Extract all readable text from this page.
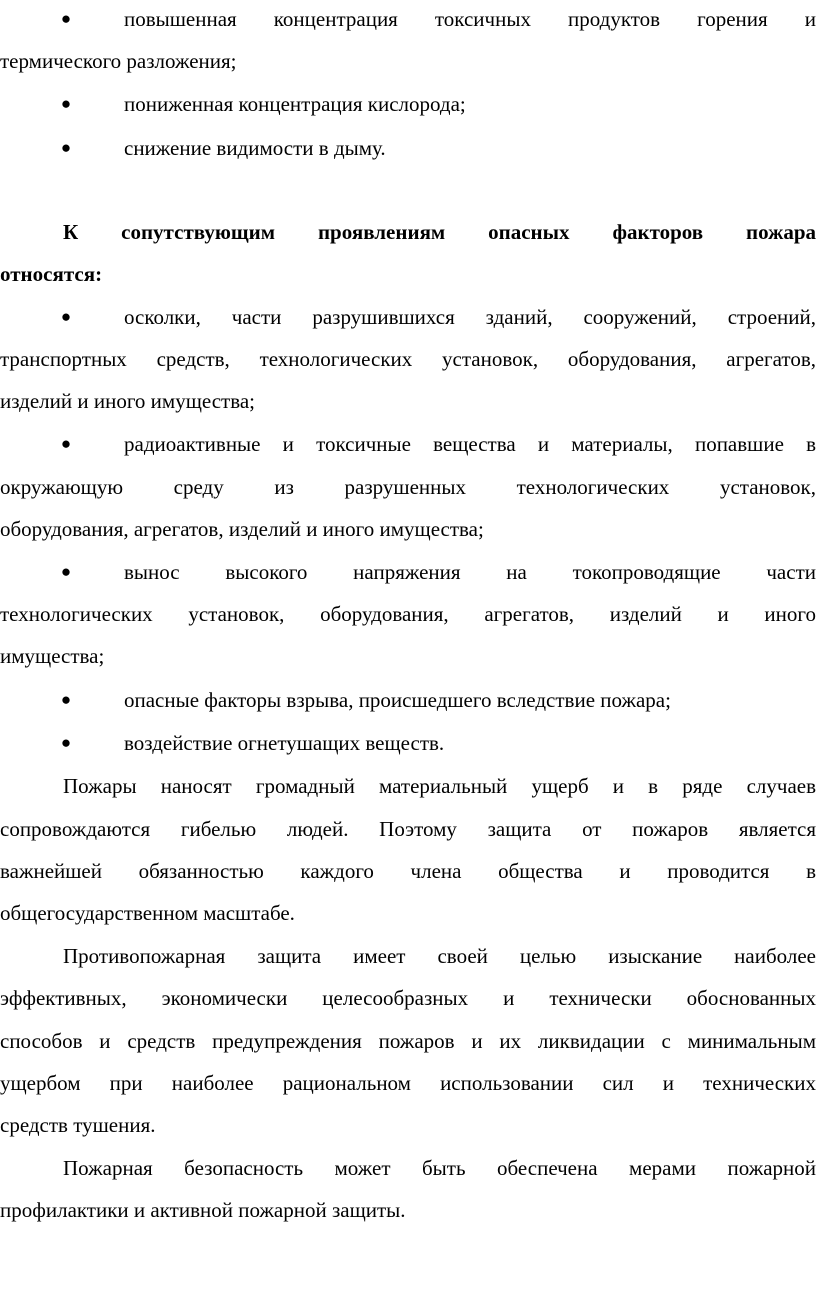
●	повышенная концентрация токсичных продуктов горения и
термического разложения;
●	пониженная концентрация кислорода;
●	снижение видимости в дыму.
К сопутствующим проявлениям опасных факторов пожара
относятся:
●	осколки, части разрушившихся зданий, сооружений, строений,
транспортных средств, технологических установок, оборудования, агрегатов,
изделий и иного имущества;
●	радиоактивные и токсичные вещества и материалы, попавшие в
окружающую среду из разрушенных технологических установок,
оборудования, агрегатов, изделий и иного имущества;
●	вынос высокого напряжения на токопроводящие части
технологических установок, оборудования, агрегатов, изделий и иного
имущества;
●	опасные факторы взрыва, происшедшего вследствие пожара;
●	воздействие огнетушащих веществ.
Пожары наносят громадный материальный ущерб и в ряде случаев
сопровождаются гибелью людей. Поэтому защита от пожаров является
важнейшей обязанностью каждого члена общества и проводится в
общегосударственном масштабе.
Противопожарная защита имеет своей целью изыскание наиболее
эффективных, экономически целесообразных и технически обоснованных
способов и средств предупреждения пожаров и их ликвидации с минимальным
ущербом при наиболее рациональном использовании сил и технических
средств тушения.
Пожарная безопасность может быть обеспечена мерами пожарной
профилактики и активной пожарной защиты.
